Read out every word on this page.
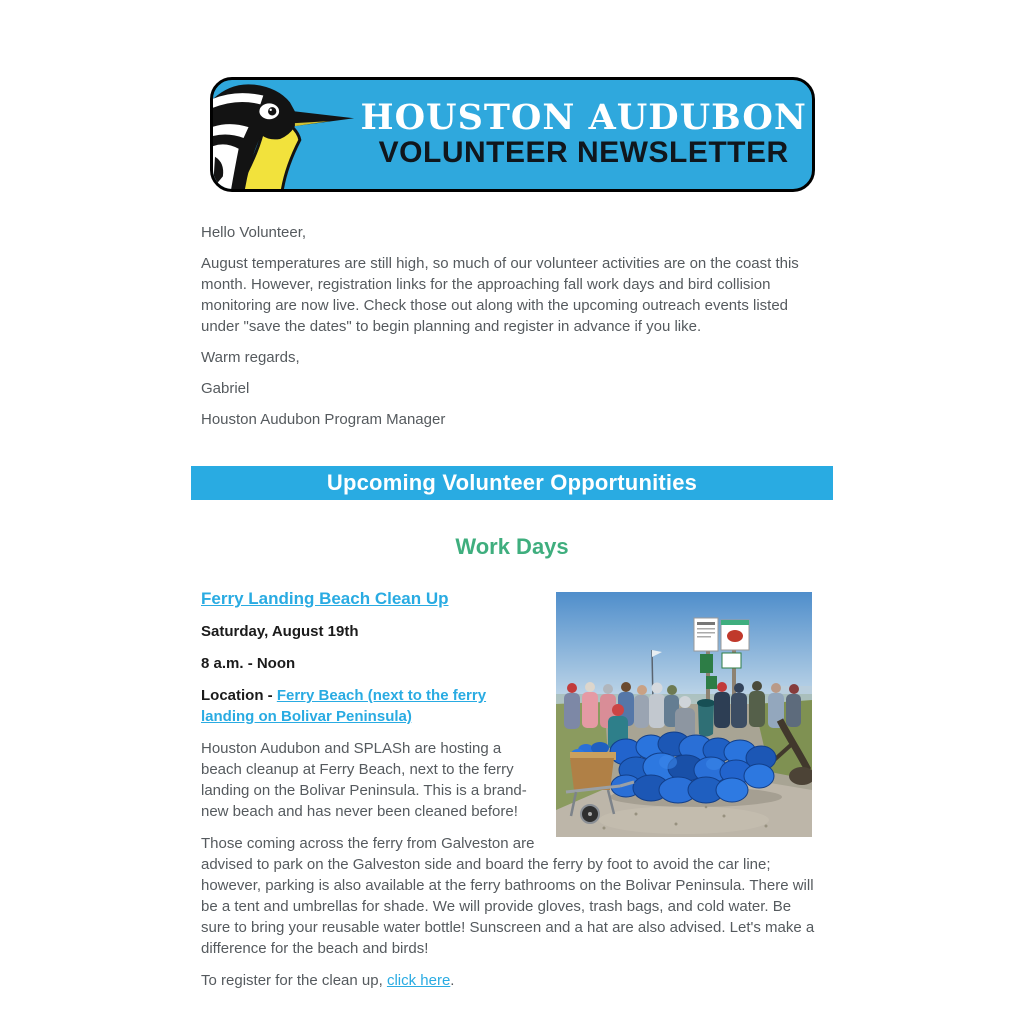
HOUSTON AUDUBON
VOLUNTEER NEWSLETTER

Hello Volunteer,

August temperatures are still high, so much of our volunteer activities are on the coast this month. However, registration links for the approaching fall work days and bird collision monitoring are now live. Check those out along with the upcoming outreach events listed under "save the dates" to begin planning and register in advance if you like.

Warm regards,

Gabriel

Houston Audubon Program Manager

Upcoming Volunteer Opportunities
Work Days

Ferry Landing Beach Clean Up

Saturday, August 19th

8 a.m. - Noon

Location - Ferry Beach (next to the ferry landing on Bolivar Peninsula)

Houston Audubon and SPLASh are hosting a beach cleanup at Ferry Beach, next to the ferry landing on the Bolivar Peninsula. This is a brand-new beach and has never been cleaned before!

Those coming across the ferry from Galveston are advised to park on the Galveston side and board the ferry by foot to avoid the car line; however, parking is also available at the ferry bathrooms on the Bolivar Peninsula. There will be a tent and umbrellas for shade. We will provide gloves, trash bags, and cold water. Be sure to bring your reusable water bottle! Sunscreen and a hat are also advised. Let's make a difference for the beach and birds!

To register for the clean up, click here.
